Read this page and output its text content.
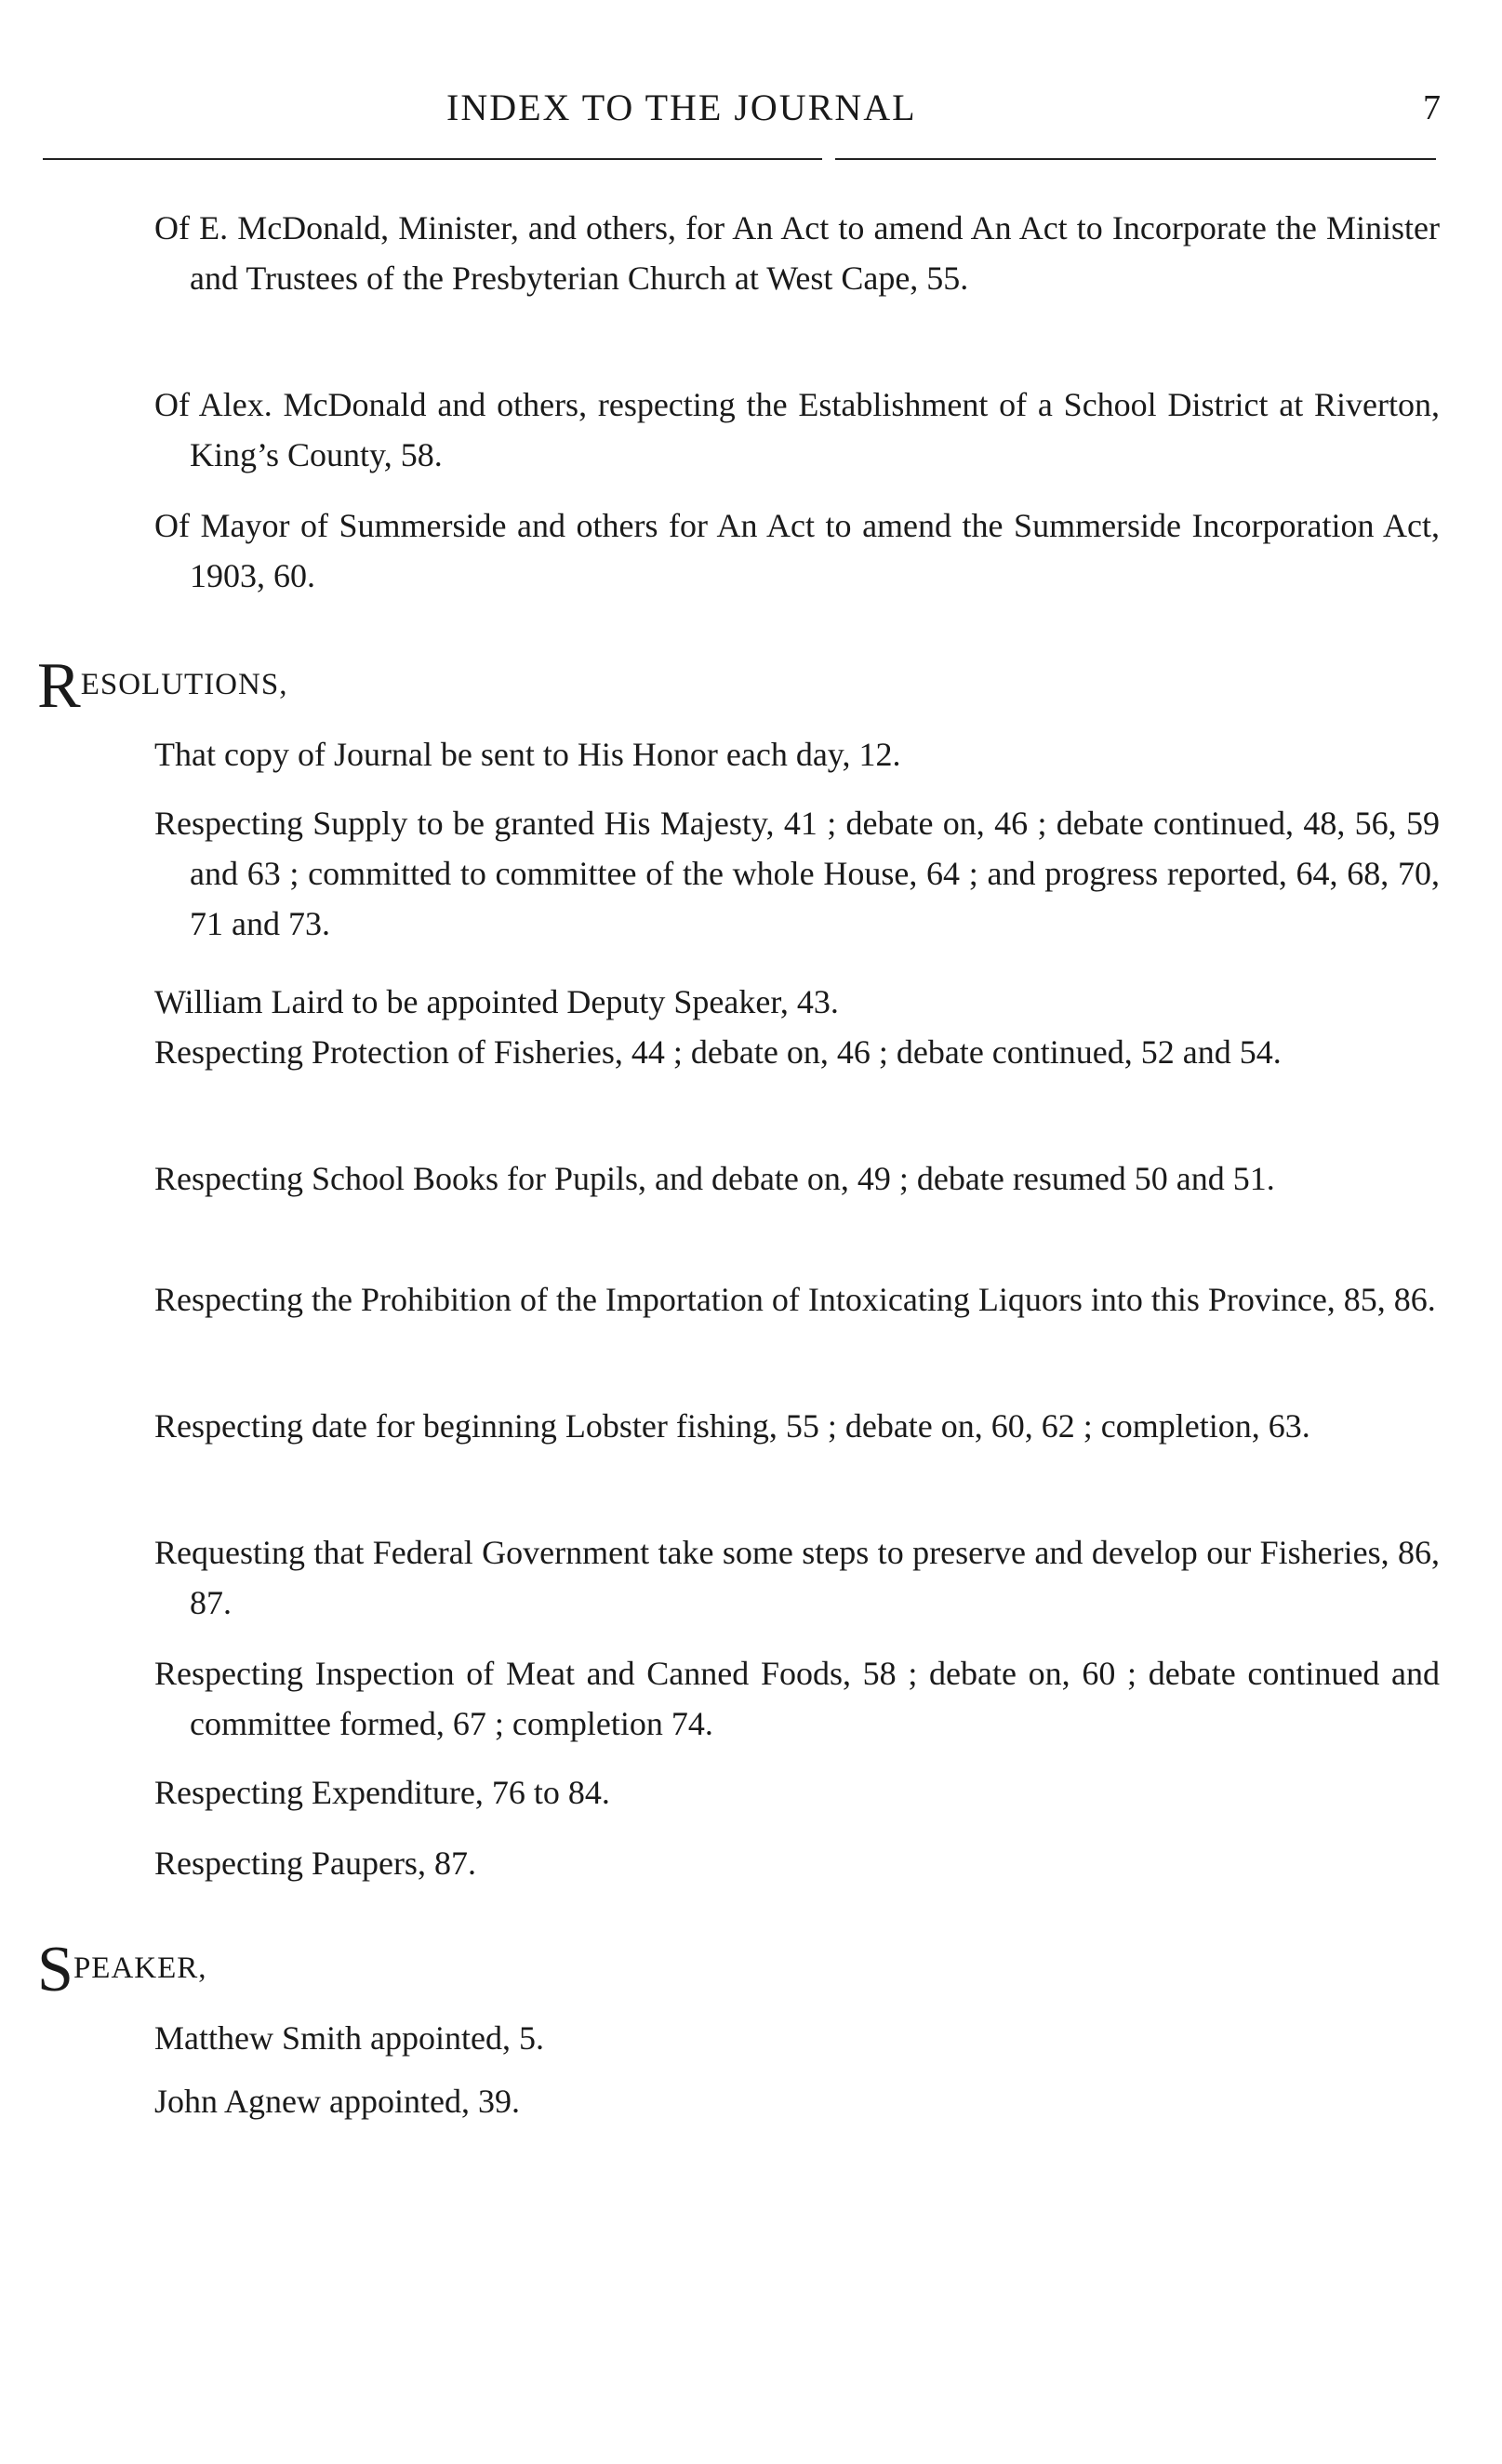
INDEX TO THE JOURNAL	7
Of E. McDonald, Minister, and others, for An Act to amend An Act to Incorporate the Minister and Trustees of the Presbyterian Church at West Cape, 55.
Of Alex. McDonald and others, respecting the Establishment of a School District at Riverton, King’s County, 58.
Of Mayor of Summerside and others for An Act to amend the Summerside Incorporation Act, 1903, 60.
RESOLUTIONS,
That copy of Journal be sent to His Honor each day, 12.
Respecting Supply to be granted His Majesty, 41 ; debate on, 46 ; debate continued, 48, 56, 59 and 63 ; committed to committee of the whole House, 64 ; and progress reported, 64, 68, 70, 71 and 73.
William Laird to be appointed Deputy Speaker, 43.
Respecting Protection of Fisheries, 44 ; debate on, 46 ; debate continued, 52 and 54.
Respecting School Books for Pupils, and debate on, 49 ; debate resumed 50 and 51.
Respecting the Prohibition of the Importation of Intoxicating Liquors into this Province, 85, 86.
Respecting date for beginning Lobster fishing, 55 ; debate on, 60, 62 ; completion, 63.
Requesting that Federal Government take some steps to preserve and develop our Fisheries, 86, 87.
Respecting Inspection of Meat and Canned Foods, 58 ; debate on, 60 ; debate continued and committee formed, 67 ; completion 74.
Respecting Expenditure, 76 to 84.
Respecting Paupers, 87.
SPEAKER,
Matthew Smith appointed, 5.
John Agnew appointed, 39.
